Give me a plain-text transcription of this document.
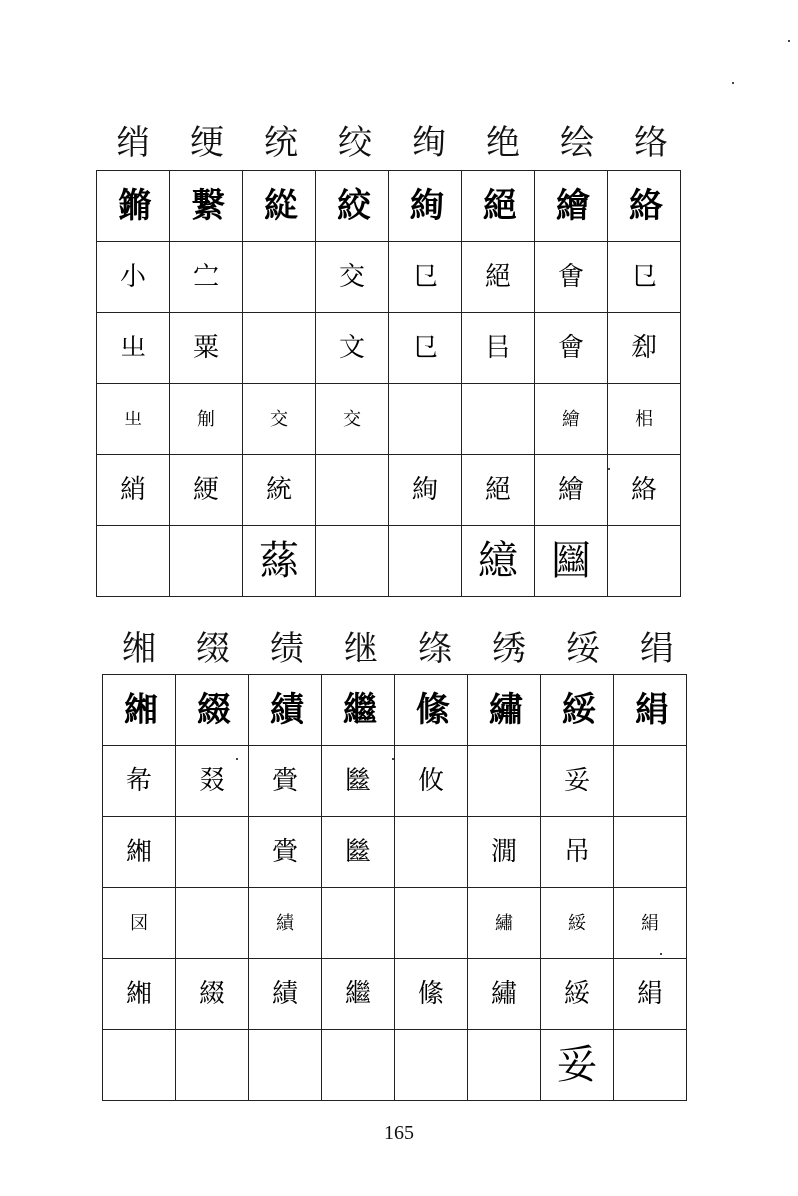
绡	绠	统	绞	绚	绝	绘	络
鏅	繋	緃	絞	絢	絕	繪	絡
小	㝉		交	㔾	絕	㑹	㔾
㞢	粟		文	㔾	㠯	會	㕁
㞢	㓩	交	交			繪	㭒
綃	綆	統		絢	絕	繪	絡
		蕬			繶	圝	
缃	缀	绩	继	绦	绣	绥	绢
緗	綴	績	繼	絛	繡	綏	絹
㣇	叕	賫	㡭	攸		妥	
緗		賫	㡭		㵎	吊	
㘝		績			繡	綏	絹
緗	綴	績	繼	絛	繡	綏	絹
						妥	
165
